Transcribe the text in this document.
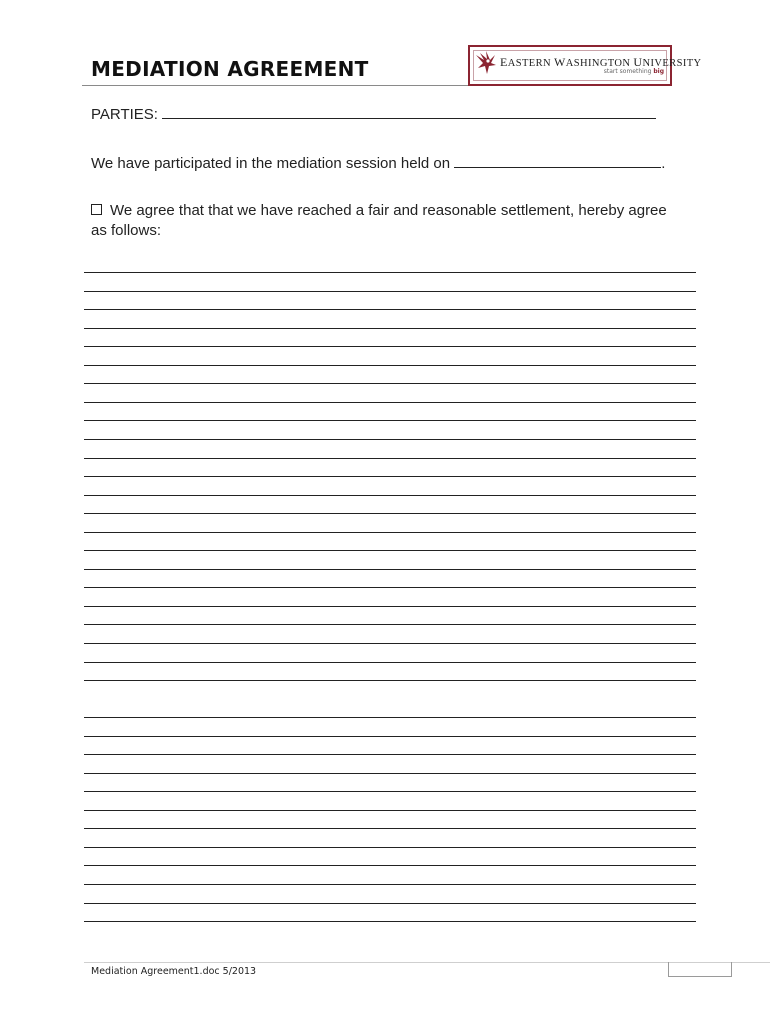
MEDIATION AGREEMENT	EASTERN WASHINGTON UNIVERSITY
start something big
PARTIES:
We have participated in the mediation session held on	.
We agree that that we have reached a fair and reasonable settlement, hereby agree
as follows:
Mediation Agreement1.doc 5/2013
